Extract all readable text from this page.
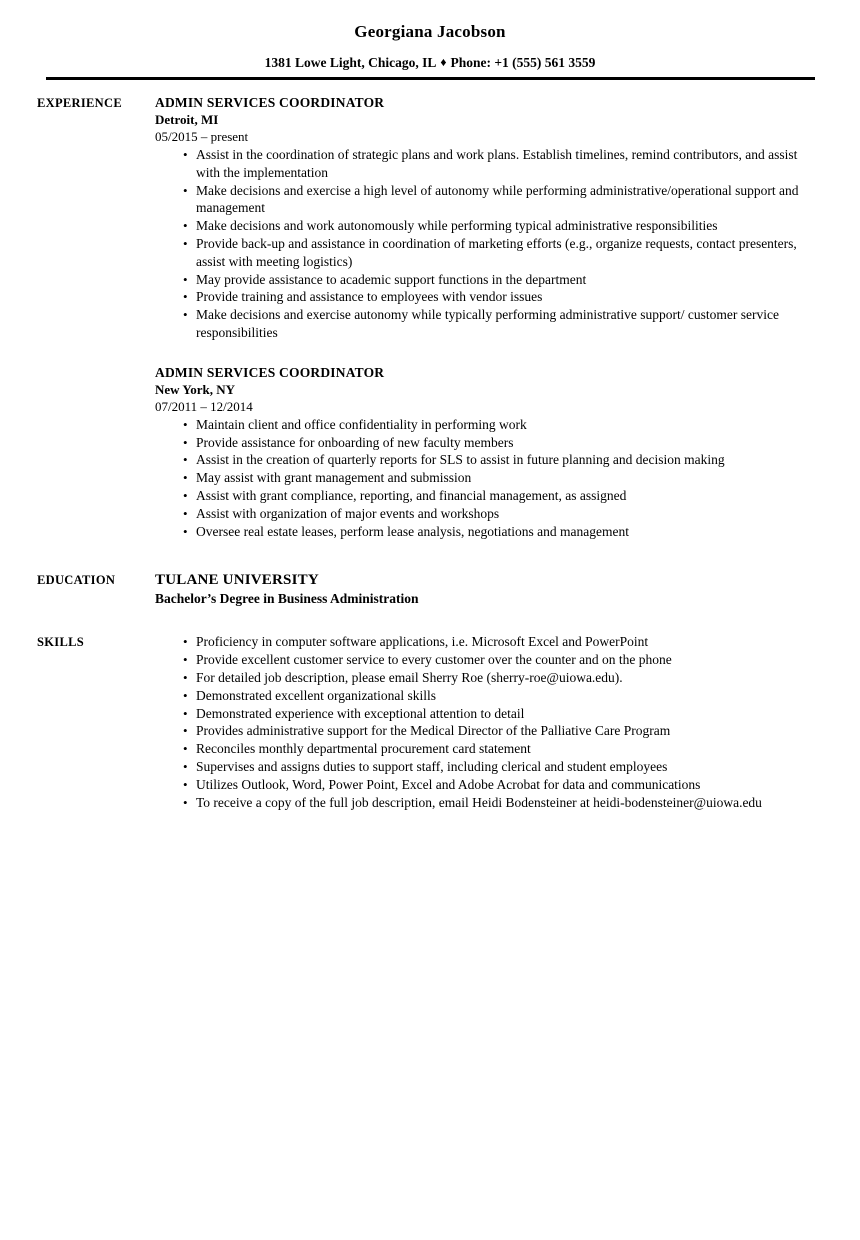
Georgiana Jacobson
1381 Lowe Light, Chicago, IL ♦ Phone: +1 (555) 561 3559
EXPERIENCE	ADMIN SERVICES COORDINATOR
Detroit, MI
05/2015 – present
• Assist in the coordination of strategic plans and work plans. Establish timelines, remind contributors, and assist with the implementation
• Make decisions and exercise a high level of autonomy while performing administrative/operational support and management
• Make decisions and work autonomously while performing typical administrative responsibilities
• Provide back-up and assistance in coordination of marketing efforts (e.g., organize requests, contact presenters, assist with meeting logistics)
• May provide assistance to academic support functions in the department
• Provide training and assistance to employees with vendor issues
• Make decisions and exercise autonomy while typically performing administrative support/ customer service responsibilities
ADMIN SERVICES COORDINATOR
New York, NY
07/2011 – 12/2014
• Maintain client and office confidentiality in performing work
• Provide assistance for onboarding of new faculty members
• Assist in the creation of quarterly reports for SLS to assist in future planning and decision making
• May assist with grant management and submission
• Assist with grant compliance, reporting, and financial management, as assigned
• Assist with organization of major events and workshops
• Oversee real estate leases, perform lease analysis, negotiations and management
EDUCATION	TULANE UNIVERSITY
Bachelor’s Degree in Business Administration
SKILLS	• Proficiency in computer software applications, i.e. Microsoft Excel and PowerPoint
• Provide excellent customer service to every customer over the counter and on the phone
• For detailed job description, please email Sherry Roe (sherry-roe@uiowa.edu).
• Demonstrated excellent organizational skills
• Demonstrated experience with exceptional attention to detail
• Provides administrative support for the Medical Director of the Palliative Care Program
• Reconciles monthly departmental procurement card statement
• Supervises and assigns duties to support staff, including clerical and student employees
• Utilizes Outlook, Word, Power Point, Excel and Adobe Acrobat for data and communications
• To receive a copy of the full job description, email Heidi Bodensteiner at heidi-bodensteiner@uiowa.edu
